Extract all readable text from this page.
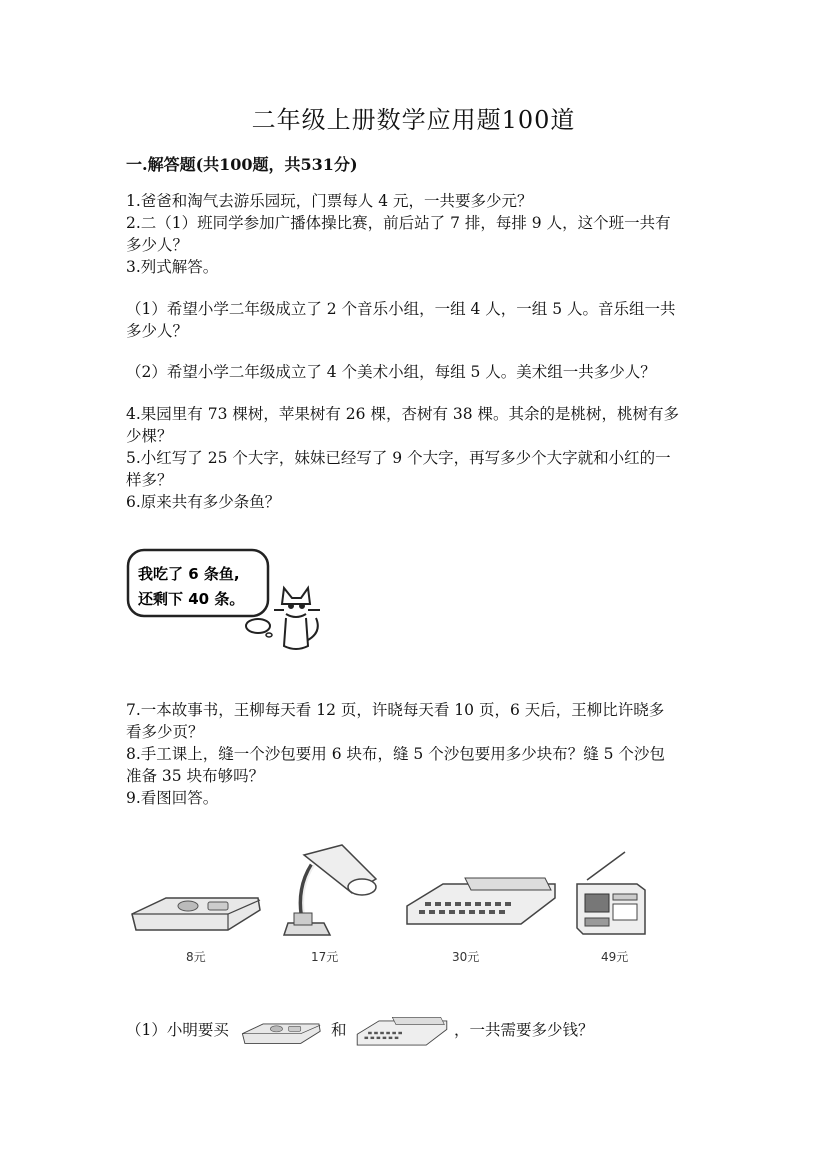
二年级上册数学应用题100道
一.解答题(共100题，共531分)
1.爸爸和淘气去游乐园玩，门票每人 4 元，一共要多少元？
2.二（1）班同学参加广播体操比赛，前后站了 7 排，每排 9 人，这个班一共有
多少人？
3.列式解答。
（1）希望小学二年级成立了 2 个音乐小组，一组 4 人，一组 5 人。音乐组一共
多少人？
（2）希望小学二年级成立了 4 个美术小组，每组 5 人。美术组一共多少人？
4.果园里有 73 棵树，苹果树有 26 棵，杏树有 38 棵。其余的是桃树，桃树有多
少棵？
5.小红写了 25 个大字，妹妹已经写了 9 个大字，再写多少个大字就和小红的一
样多？
6.原来共有多少条鱼？
我吃了 6 条鱼,
还剩下 40 条。
7.一本故事书，王柳每天看 12 页，许晓每天看 10 页，6 天后，王柳比许晓多
看多少页？
8.手工课上，缝一个沙包要用 6 块布，缝 5 个沙包要用多少块布？缝 5 个沙包
准备 35 块布够吗？
9.看图回答。
8元	17元	30元	49元
（1）小明要买	和	，一共需要多少钱？
